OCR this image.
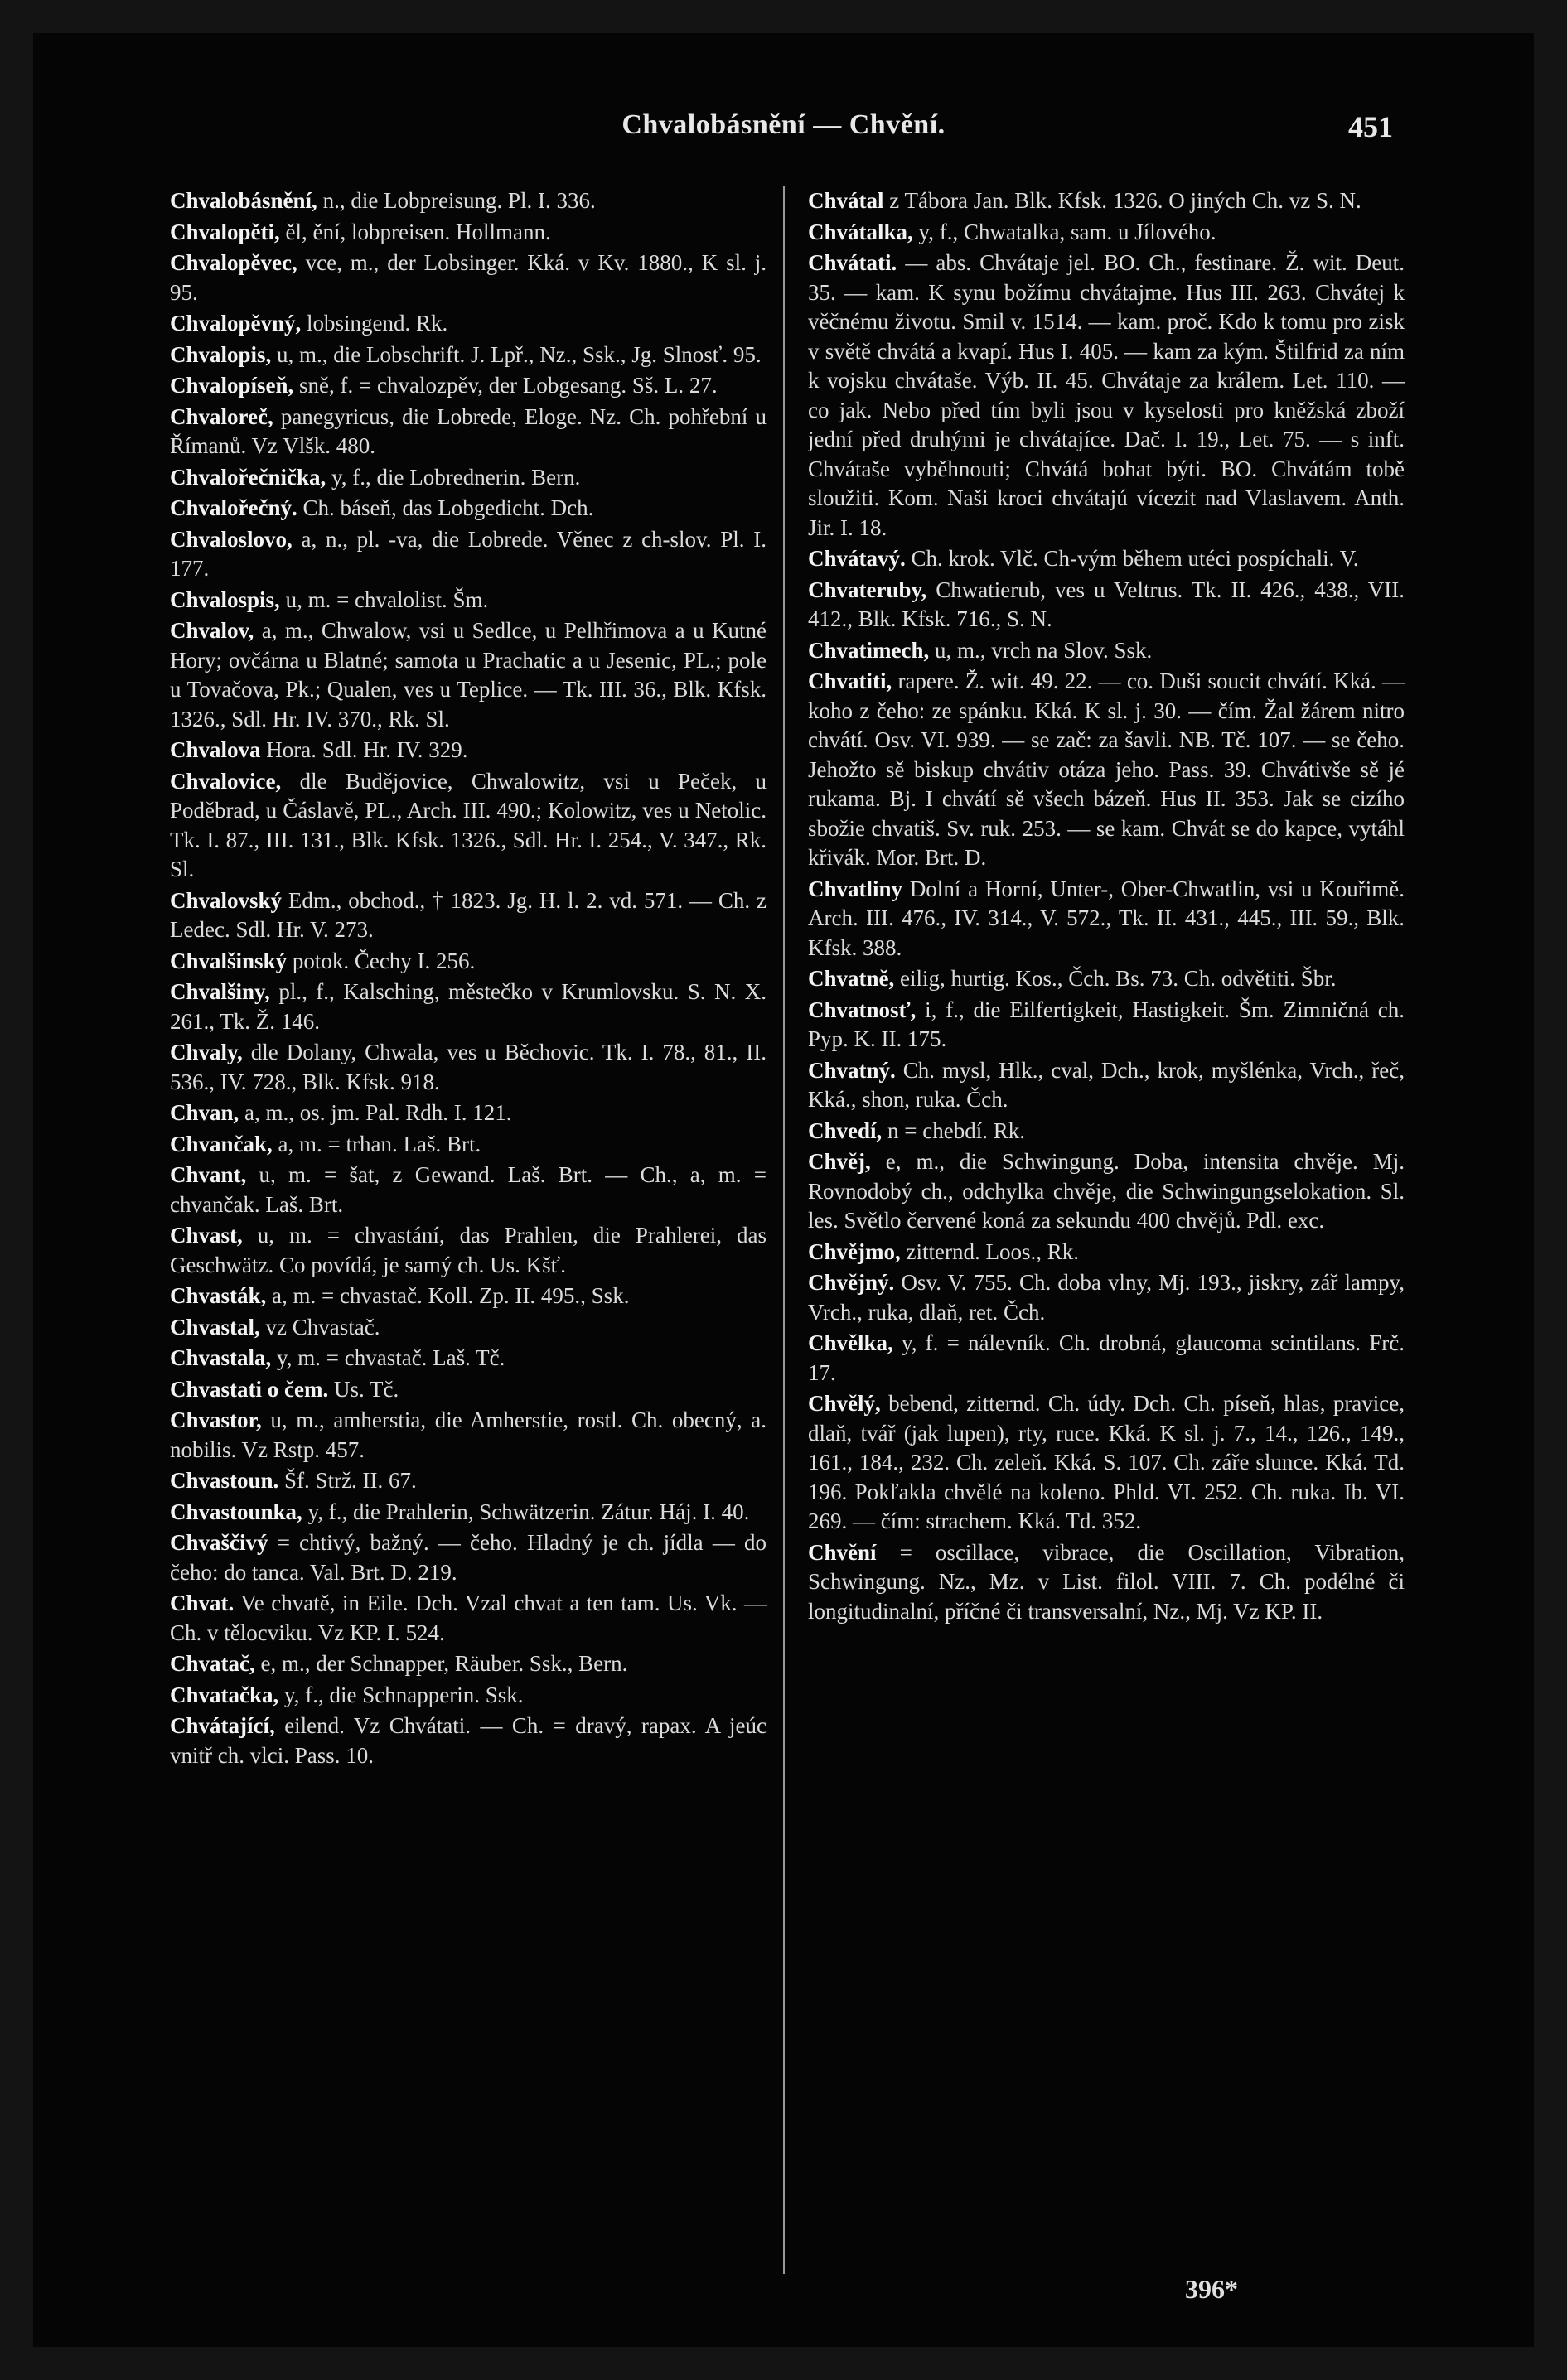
Chvalobásnění — Chvění.	451

Chvalobásnění, n., die Lobpreisung. Pl. I. 336.

Chvalopěti, ěl, ění, lobpreisen. Hollmann.

Chvalopěvec, vce, m., der Lobsinger. Kká. v Kv. 1880., K sl. j. 95.

Chvalopěvný, lobsingend. Rk.

Chvalopis, u, m., die Lobschrift. J. Lpř., Nz., Ssk., Jg. Slnosť. 95.

Chvalopíseň, sně, f. = chvalozpěv, der Lobgesang. Sš. L. 27.

Chvaloreč, panegyricus, die Lobrede, Eloge. Nz. Ch. pohřební u Římanů. Vz Vlšk. 480.

Chvalořečnička, y, f., die Lobrednerin. Bern.

Chvalořečný. Ch. báseň, das Lobgedicht. Dch.

Chvaloslovo, a, n., pl. -va, die Lobrede. Věnec z ch-slov. Pl. I. 177.

Chvalospis, u, m. = chvalolist. Šm.

Chvalov, a, m., Chwalow, vsi u Sedlce, u Pelhřimova a u Kutné Hory; ovčárna u Blatné; samota u Prachatic a u Jesenic, PL.; pole u Tovačova, Pk.; Qualen, ves u Teplice. — Tk. III. 36., Blk. Kfsk. 1326., Sdl. Hr. IV. 370., Rk. Sl.

Chvalova Hora. Sdl. Hr. IV. 329.

Chvalovice, dle Budějovice, Chwalowitz, vsi u Peček, u Poděbrad, u Čáslavě, PL., Arch. III. 490.; Kolowitz, ves u Netolic. Tk. I. 87., III. 131., Blk. Kfsk. 1326., Sdl. Hr. I. 254., V. 347., Rk. Sl.

Chvalovský Edm., obchod., † 1823. Jg. H. l. 2. vd. 571. — Ch. z Ledec. Sdl. Hr. V. 273.

Chvalšinský potok. Čechy I. 256.

Chvalšiny, pl., f., Kalsching, městečko v Krumlovsku. S. N. X. 261., Tk. Ž. 146.

Chvaly, dle Dolany, Chwala, ves u Běchovic. Tk. I. 78., 81., II. 536., IV. 728., Blk. Kfsk. 918.

Chvan, a, m., os. jm. Pal. Rdh. I. 121.

Chvančak, a, m. = trhan. Laš. Brt.

Chvant, u, m. = šat, z Gewand. Laš. Brt. — Ch., a, m. = chvančak. Laš. Brt.

Chvast, u, m. = chvastání, das Prahlen, die Prahlerei, das Geschwätz. Co povídá, je samý ch. Us. Kšť.

Chvasták, a, m. = chvastač. Koll. Zp. II. 495., Ssk.

Chvastal, vz Chvastač.

Chvastala, y, m. = chvastač. Laš. Tč.

Chvastati o čem. Us. Tč.

Chvastor, u, m., amherstia, die Amherstie, rostl. Ch. obecný, a. nobilis. Vz Rstp. 457.

Chvastoun. Šf. Strž. II. 67.

Chvastounka, y, f., die Prahlerin, Schwätzerin. Zátur. Háj. I. 40.

Chvaščivý = chtivý, bažný. — čeho. Hladný je ch. jídla — do čeho: do tanca. Val. Brt. D. 219.

Chvat. Ve chvatě, in Eile. Dch. Vzal chvat a ten tam. Us. Vk. — Ch. v tělocviku. Vz KP. I. 524.

Chvatač, e, m., der Schnapper, Räuber. Ssk., Bern.

Chvatačka, y, f., die Schnapperin. Ssk.

Chvátající, eilend. Vz Chvátati. — Ch. = dravý, rapax. A jeúc vnitř ch. vlci. Pass. 10.

Chvátal z Tábora Jan. Blk. Kfsk. 1326. O jiných Ch. vz S. N.

Chvátalka, y, f., Chwatalka, sam. u Jílového.

Chvátati. — abs. Chvátaje jel. BO. Ch., festinare. Ž. wit. Deut. 35. — kam. K synu božímu chvátajme. Hus III. 263. Chvátej k věčnému životu. Smil v. 1514. — kam. proč. Kdo k tomu pro zisk v světě chvátá a kvapí. Hus I. 405. — kam za kým. Štilfrid za ním k vojsku chvátaše. Výb. II. 45. Chvátaje za králem. Let. 110. — co jak. Nebo před tím byli jsou v kyselosti pro kněžská zboží jední před druhými je chvátajíce. Dač. I. 19., Let. 75. — s inft. Chvátaše vyběhnouti; Chvátá bohat býti. BO. Chvátám tobě sloužiti. Kom. Naši kroci chvátajú vícezit nad Vlaslavem. Anth. Jir. I. 18.

Chvátavý. Ch. krok. Vlč. Ch-vým během utéci pospíchali. V.

Chvateruby, Chwatierub, ves u Veltrus. Tk. II. 426., 438., VII. 412., Blk. Kfsk. 716., S. N.

Chvatimech, u, m., vrch na Slov. Ssk.

Chvatiti, rapere. Ž. wit. 49. 22. — co. Duši soucit chvátí. Kká. — koho z čeho: ze spánku. Kká. K sl. j. 30. — čím. Žal žárem nitro chvátí. Osv. VI. 939. — se zač: za šavli. NB. Tč. 107. — se čeho. Jehožto sě biskup chvátiv otáza jeho. Pass. 39. Chvátivše sě jé rukama. Bj. I chvátí sě všech bázeň. Hus II. 353. Jak se cizího sbožie chvatiš. Sv. ruk. 253. — se kam. Chvát se do kapce, vytáhl křivák. Mor. Brt. D.

Chvatliny Dolní a Horní, Unter-, Ober-Chwatlin, vsi u Kouřimě. Arch. III. 476., IV. 314., V. 572., Tk. II. 431., 445., III. 59., Blk. Kfsk. 388.

Chvatně, eilig, hurtig. Kos., Čch. Bs. 73. Ch. odvětiti. Šbr.

Chvatnosť, i, f., die Eilfertigkeit, Hastigkeit. Šm. Zimničná ch. Pyp. K. II. 175.

Chvatný. Ch. mysl, Hlk., cval, Dch., krok, myšlénka, Vrch., řeč, Kká., shon, ruka. Čch.

Chvedí, n = chebdí. Rk.

Chvěj, e, m., die Schwingung. Doba, intensita chvěje. Mj. Rovnodobý ch., odchylka chvěje, die Schwingungselokation. Sl. les. Světlo červené koná za sekundu 400 chvějů. Pdl. exc.

Chvějmo, zitternd. Loos., Rk.

Chvějný. Osv. V. 755. Ch. doba vlny, Mj. 193., jiskry, zář lampy, Vrch., ruka, dlaň, ret. Čch.

Chvělka, y, f. = nálevník. Ch. drobná, glaucoma scintilans. Frč. 17.

Chvělý, bebend, zitternd. Ch. údy. Dch. Ch. píseň, hlas, pravice, dlaň, tvář (jak lupen), rty, ruce. Kká. K sl. j. 7., 14., 126., 149., 161., 184., 232. Ch. zeleň. Kká. S. 107. Ch. záře slunce. Kká. Td. 196. Pokľakla chvělé na koleno. Phld. VI. 252. Ch. ruka. Ib. VI. 269. — čím: strachem. Kká. Td. 352.

Chvění = oscillace, vibrace, die Oscillation, Vibration, Schwingung. Nz., Mz. v List. filol. VIII. 7. Ch. podélné či longitudinalní, příčné či transversalní, Nz., Mj. Vz KP. II.

396*
